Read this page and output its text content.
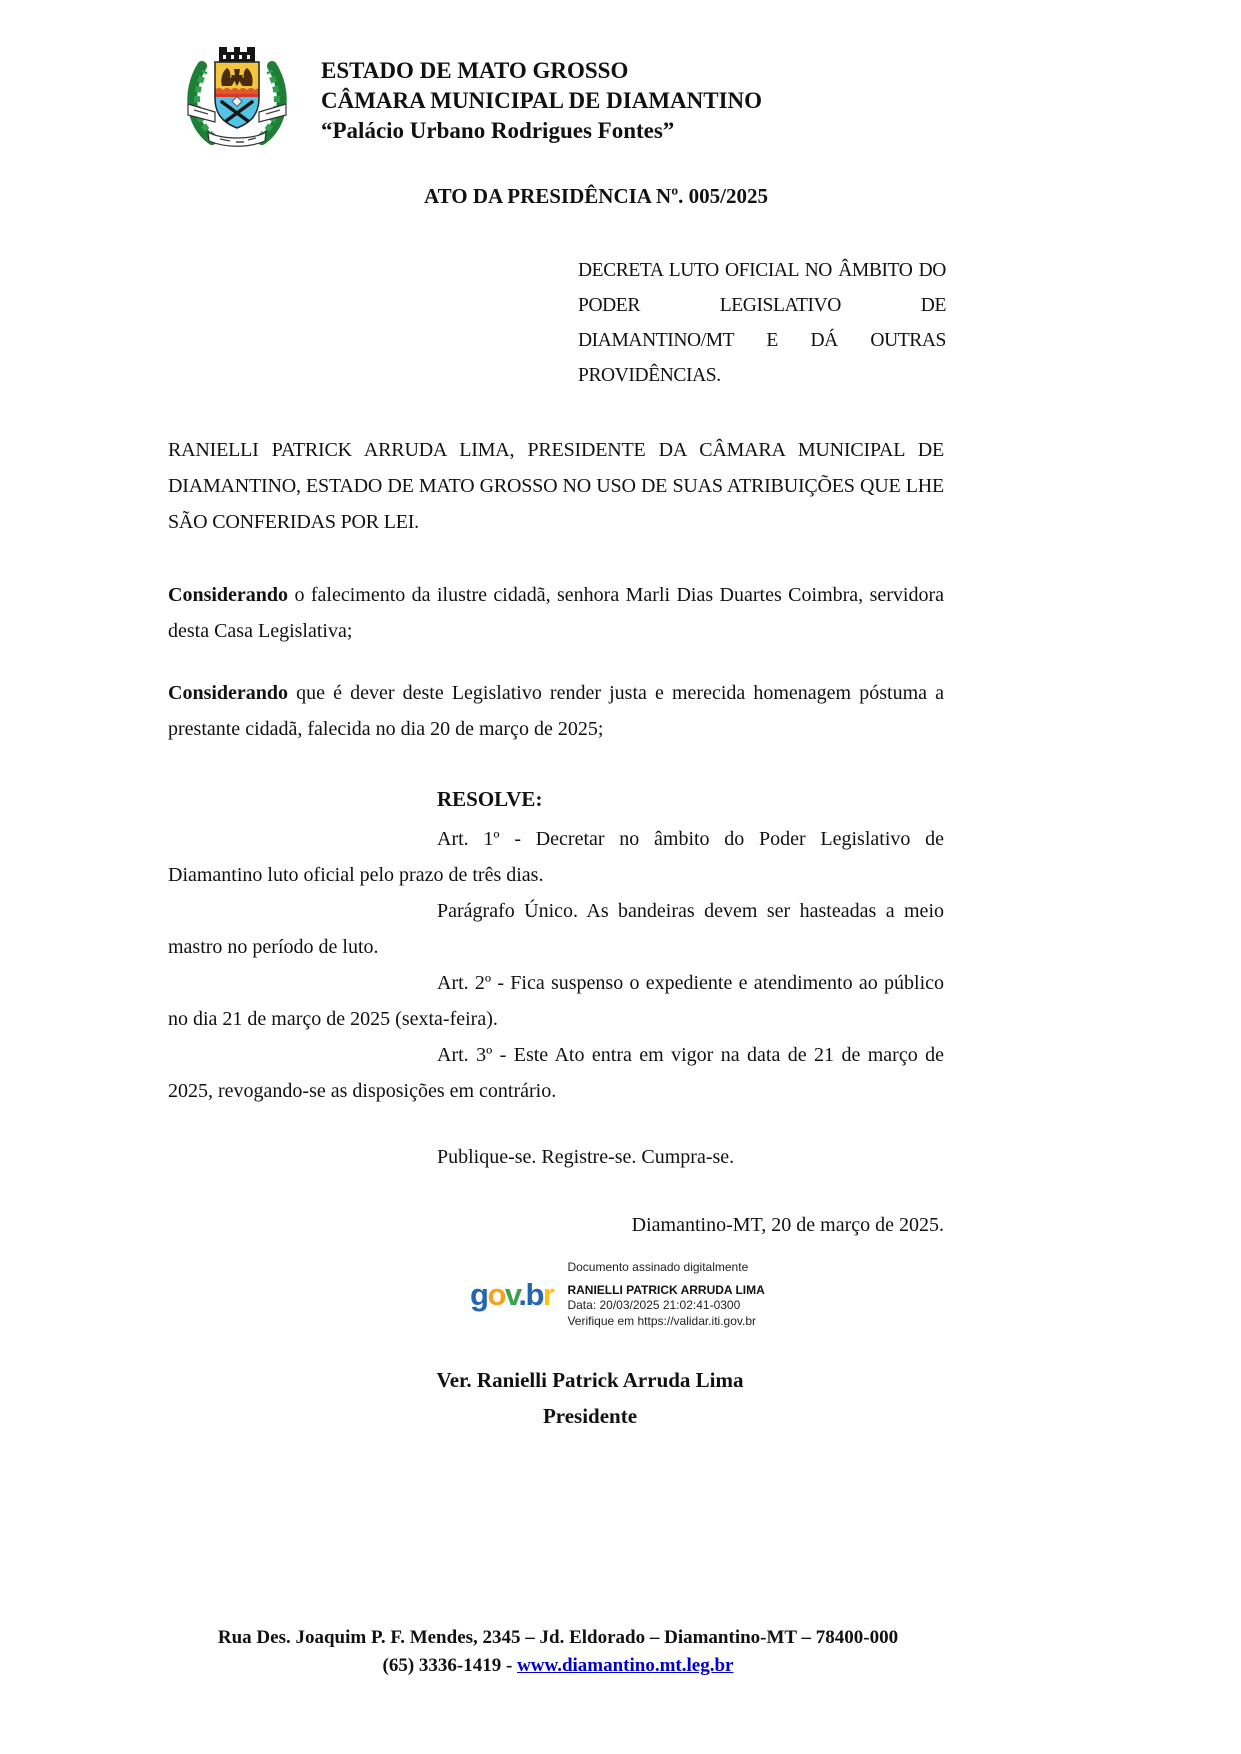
ESTADO DE MATO GROSSO
CÂMARA MUNICIPAL DE DIAMANTINO
“Palácio Urbano Rodrigues Fontes”
ATO DA PRESIDÊNCIA Nº. 005/2025
DECRETA LUTO OFICIAL NO ÂMBITO DO PODER LEGISLATIVO DE DIAMANTINO/MT E DÁ OUTRAS PROVIDÊNCIAS.

RANIELLI PATRICK ARRUDA LIMA, PRESIDENTE DA CÂMARA MUNICIPAL DE DIAMANTINO, ESTADO DE MATO GROSSO NO USO DE SUAS ATRIBUIÇÕES QUE LHE SÃO CONFERIDAS POR LEI.

Considerando o falecimento da ilustre cidadã, senhora Marli Dias Duartes Coimbra, servidora desta Casa Legislativa;

Considerando que é dever deste Legislativo render justa e merecida homenagem póstuma a prestante cidadã, falecida no dia 20 de março de 2025;

RESOLVE:

Art. 1º - Decretar no âmbito do Poder Legislativo de Diamantino luto oficial pelo prazo de três dias.

Parágrafo Único. As bandeiras devem ser hasteadas a meio mastro no período de luto.

Art. 2º - Fica suspenso o expediente e atendimento ao público no dia 21 de março de 2025 (sexta-feira).

Art. 3º - Este Ato entra em vigor na data de 21 de março de 2025, revogando-se as disposições em contrário.

Publique-se. Registre-se. Cumpra-se.
Diamantino-MT, 20 de março de 2025.
gov.br
Documento assinado digitalmente
RANIELLI PATRICK ARRUDA LIMA
Data: 20/03/2025 21:02:41-0300
Verifique em https://validar.iti.gov.br
Ver. Ranielli Patrick Arruda Lima
Presidente
Rua Des. Joaquim P. F. Mendes, 2345 – Jd. Eldorado – Diamantino-MT – 78400-000
(65) 3336-1419 - www.diamantino.mt.leg.br
